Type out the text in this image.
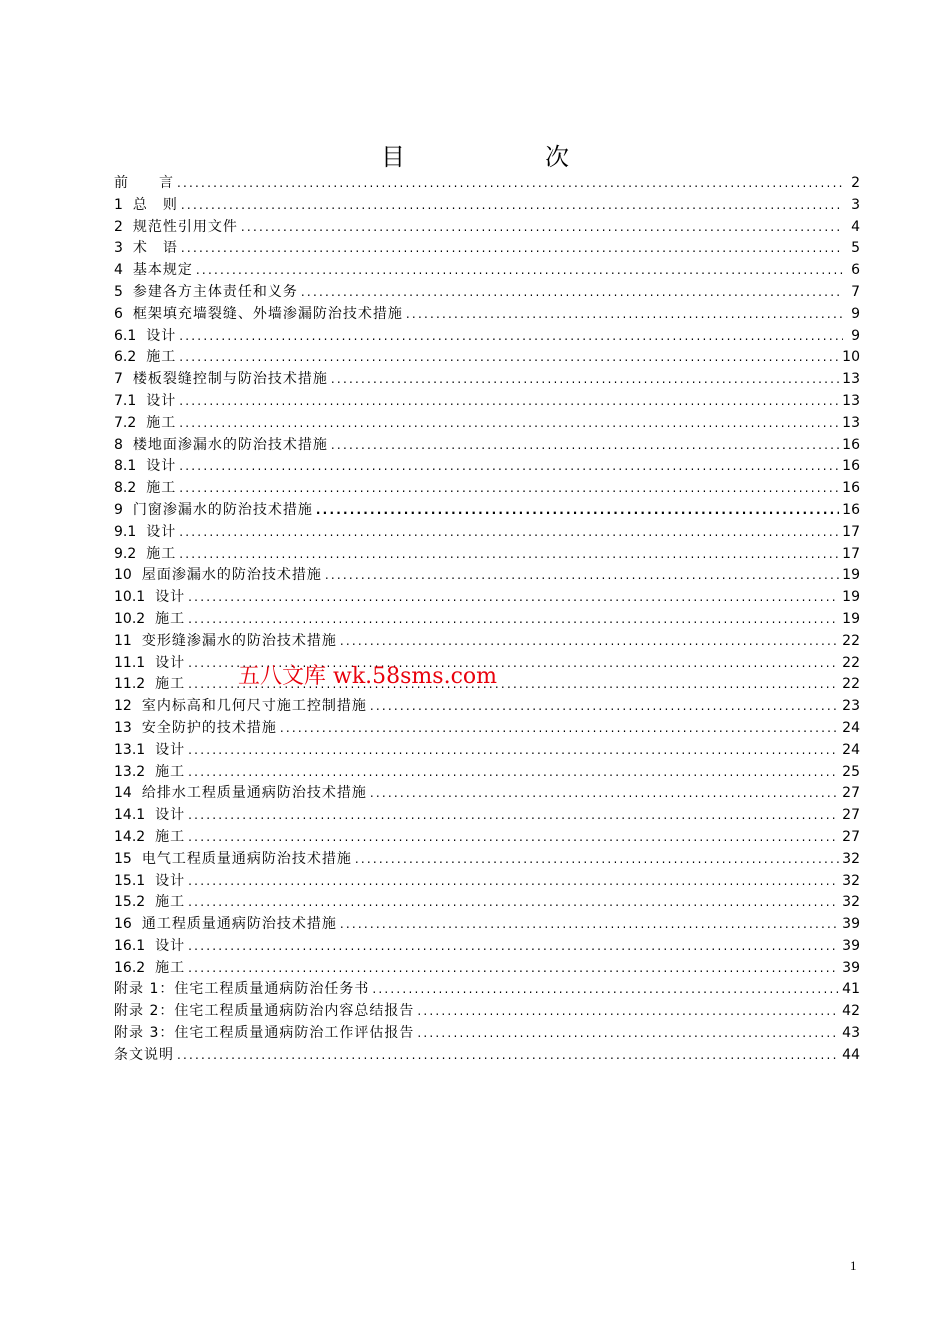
目　次
前　　言 .....	2
1 总　则 .....	3
2 规范性引用文件 .....	4
3 术　语 .....	5
4 基本规定 .....	6
5 参建各方主体责任和义务 .....	7
6 框架填充墙裂缝、外墙渗漏防治技术措施 .....	9
6.1 设计 .....	9
6.2 施工 .....	10
7 楼板裂缝控制与防治技术措施 .....	13
7.1 设计 .....	13
7.2 施工 .....	13
8 楼地面渗漏水的防治技术措施 .....	16
8.1 设计 .....	16
8.2 施工 .....	16
9 门窗渗漏水的防治技术措施 .....	16
9.1 设计 .....	17
9.2 施工 .....	17
10 屋面渗漏水的防治技术措施 .....	19
10.1 设计 .....	19
10.2 施工 .....	19
11 变形缝渗漏水的防治技术措施 .....	22
11.1 设计 .....	22
11.2 施工 .....	22
12 室内标高和几何尺寸施工控制措施 .....	23
13 安全防护的技术措施 .....	24
13.1 设计 .....	24
13.2 施工 .....	25
14 给排水工程质量通病防治技术措施 .....	27
14.1 设计 .....	27
14.2 施工 .....	27
15 电气工程质量通病防治技术措施 .....	32
15.1 设计 .....	32
15.2 施工 .....	32
16 通工程质量通病防治技术措施 .....	39
16.1 设计 .....	39
16.2 施工 .....	39
附录 1：住宅工程质量通病防治任务书 .....	41
附录 2：住宅工程质量通病防治内容总结报告 .....	42
附录 3：住宅工程质量通病防治工作评估报告 .....	43
条文说明 .....	44
五八文库 wk.58sms.com
1
